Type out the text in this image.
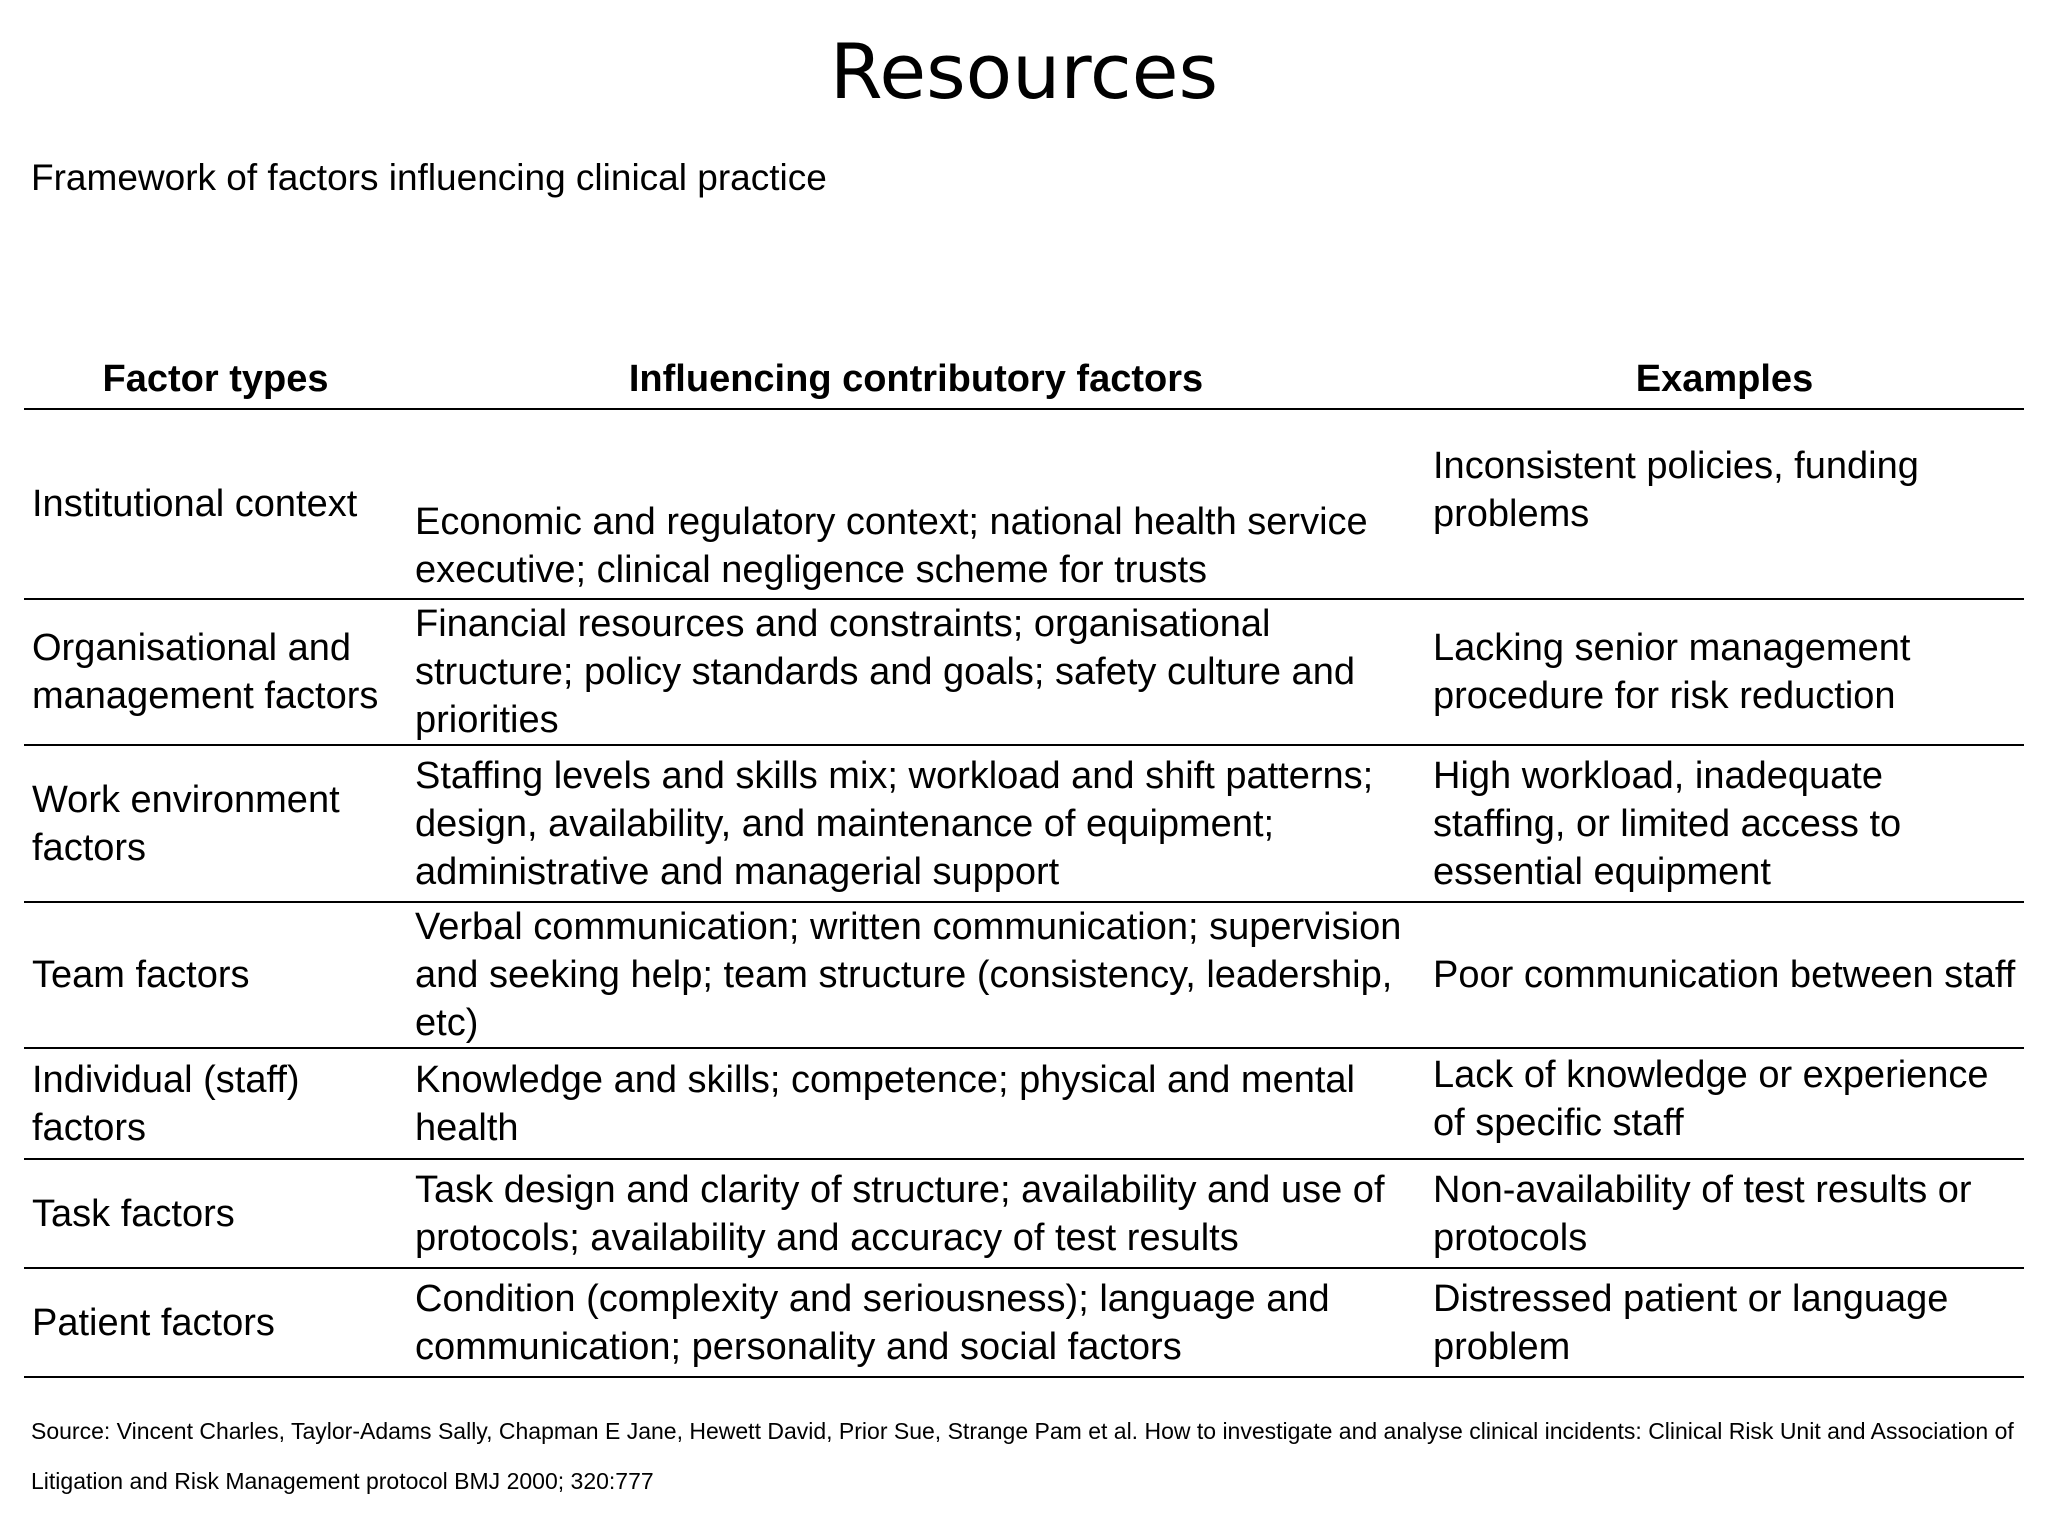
Resources
Framework of factors influencing clinical practice
Factor types	Influencing contributory factors	Examples
Institutional context	Economic and regulatory context; national health service executive; clinical negligence scheme for trusts	Inconsistent policies, funding problems
Organisational and management factors	Financial resources and constraints; organisational structure; policy standards and goals; safety culture and priorities	Lacking senior management procedure for risk reduction
Work environment factors	Staffing levels and skills mix; workload and shift patterns; design, availability, and maintenance of equipment; administrative and managerial support	High workload, inadequate staffing, or limited access to essential equipment
Team factors	Verbal communication; written communication; supervision and seeking help; team structure (consistency, leadership, etc)	Poor communication between staff
Individual (staff) factors	Knowledge and skills; competence; physical and mental health	Lack of knowledge or experience of specific staff
Task factors	Task design and clarity of structure; availability and use of protocols; availability and accuracy of test results	Non-availability of test results or protocols
Patient factors	Condition (complexity and seriousness); language and communication; personality and social factors	Distressed patient or language problem
Source: Vincent Charles, Taylor-Adams Sally, Chapman E Jane, Hewett David, Prior Sue, Strange Pam et al. How to investigate and analyse clinical incidents: Clinical Risk Unit and Association of Litigation and Risk Management protocol BMJ 2000; 320:777
